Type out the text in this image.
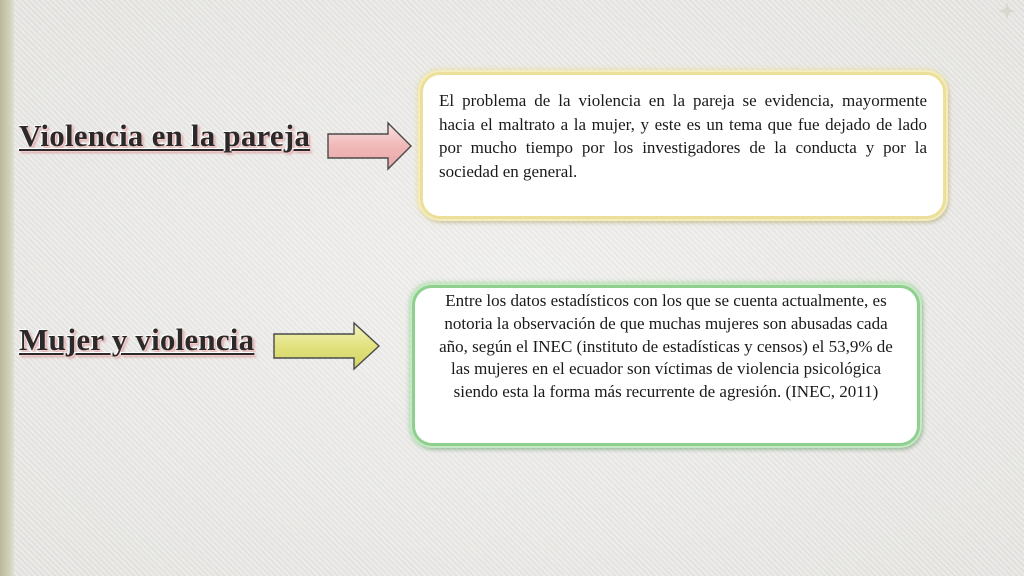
Violencia en la pareja
El problema de la violencia en la pareja se evidencia, mayormente hacia el maltrato a la mujer, y este es un tema que fue dejado de lado por mucho tiempo por los investigadores de la conducta y por la sociedad en general.
Mujer y violencia
Entre los datos estadísticos con los que se cuenta actualmente, es notoria la observación de que muchas mujeres son abusadas cada año, según el INEC (instituto de estadísticas y censos) el 53,9% de las mujeres en el ecuador son víctimas de violencia psicológica siendo esta la forma más recurrente de agresión. (INEC, 2011)
